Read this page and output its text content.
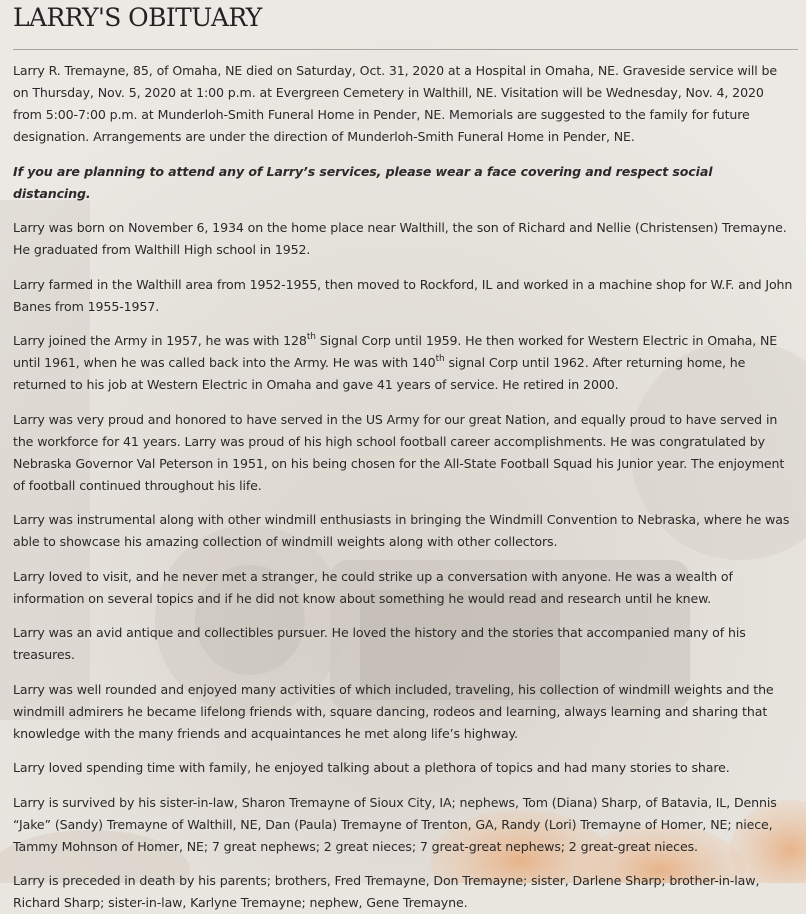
LARRY'S OBITUARY

Larry R. Tremayne, 85, of Omaha, NE died on Saturday, Oct. 31, 2020 at a Hospital in Omaha, NE. Graveside service will be on Thursday, Nov. 5, 2020 at 1:00 p.m. at Evergreen Cemetery in Walthill, NE. Visitation will be Wednesday, Nov. 4, 2020 from 5:00-7:00 p.m. at Munderloh-Smith Funeral Home in Pender, NE. Memorials are suggested to the family for future designation. Arrangements are under the direction of Munderloh-Smith Funeral Home in Pender, NE.

If you are planning to attend any of Larry’s services, please wear a face covering and respect social distancing.

Larry was born on November 6, 1934 on the home place near Walthill, the son of Richard and Nellie (Christensen) Tremayne. He graduated from Walthill High school in 1952.

Larry farmed in the Walthill area from 1952-1955, then moved to Rockford, IL and worked in a machine shop for W.F. and John Banes from 1955-1957.

Larry joined the Army in 1957, he was with 128th Signal Corp until 1959. He then worked for Western Electric in Omaha, NE until 1961, when he was called back into the Army. He was with 140th signal Corp until 1962. After returning home, he returned to his job at Western Electric in Omaha and gave 41 years of service. He retired in 2000.

Larry was very proud and honored to have served in the US Army for our great Nation, and equally proud to have served in the workforce for 41 years. Larry was proud of his high school football career accomplishments. He was congratulated by Nebraska Governor Val Peterson in 1951, on his being chosen for the All-State Football Squad his Junior year. The enjoyment of football continued throughout his life.

Larry was instrumental along with other windmill enthusiasts in bringing the Windmill Convention to Nebraska, where he was able to showcase his amazing collection of windmill weights along with other collectors.

Larry loved to visit, and he never met a stranger, he could strike up a conversation with anyone. He was a wealth of information on several topics and if he did not know about something he would read and research until he knew.

Larry was an avid antique and collectibles pursuer. He loved the history and the stories that accompanied many of his treasures.

Larry was well rounded and enjoyed many activities of which included, traveling, his collection of windmill weights and the windmill admirers he became lifelong friends with, square dancing, rodeos and learning, always learning and sharing that knowledge with the many friends and acquaintances he met along life’s highway.

Larry loved spending time with family, he enjoyed talking about a plethora of topics and had many stories to share.

Larry is survived by his sister-in-law, Sharon Tremayne of Sioux City, IA; nephews, Tom (Diana) Sharp, of Batavia, IL, Dennis “Jake” (Sandy) Tremayne of Walthill, NE, Dan (Paula) Tremayne of Trenton, GA, Randy (Lori) Tremayne of Homer, NE; niece, Tammy Mohnson of Homer, NE; 7 great nephews; 2 great nieces; 7 great-great nephews; 2 great-great nieces.

Larry is preceded in death by his parents; brothers, Fred Tremayne, Don Tremayne; sister, Darlene Sharp; brother-in-law, Richard Sharp; sister-in-law, Karlyne Tremayne; nephew, Gene Tremayne.
